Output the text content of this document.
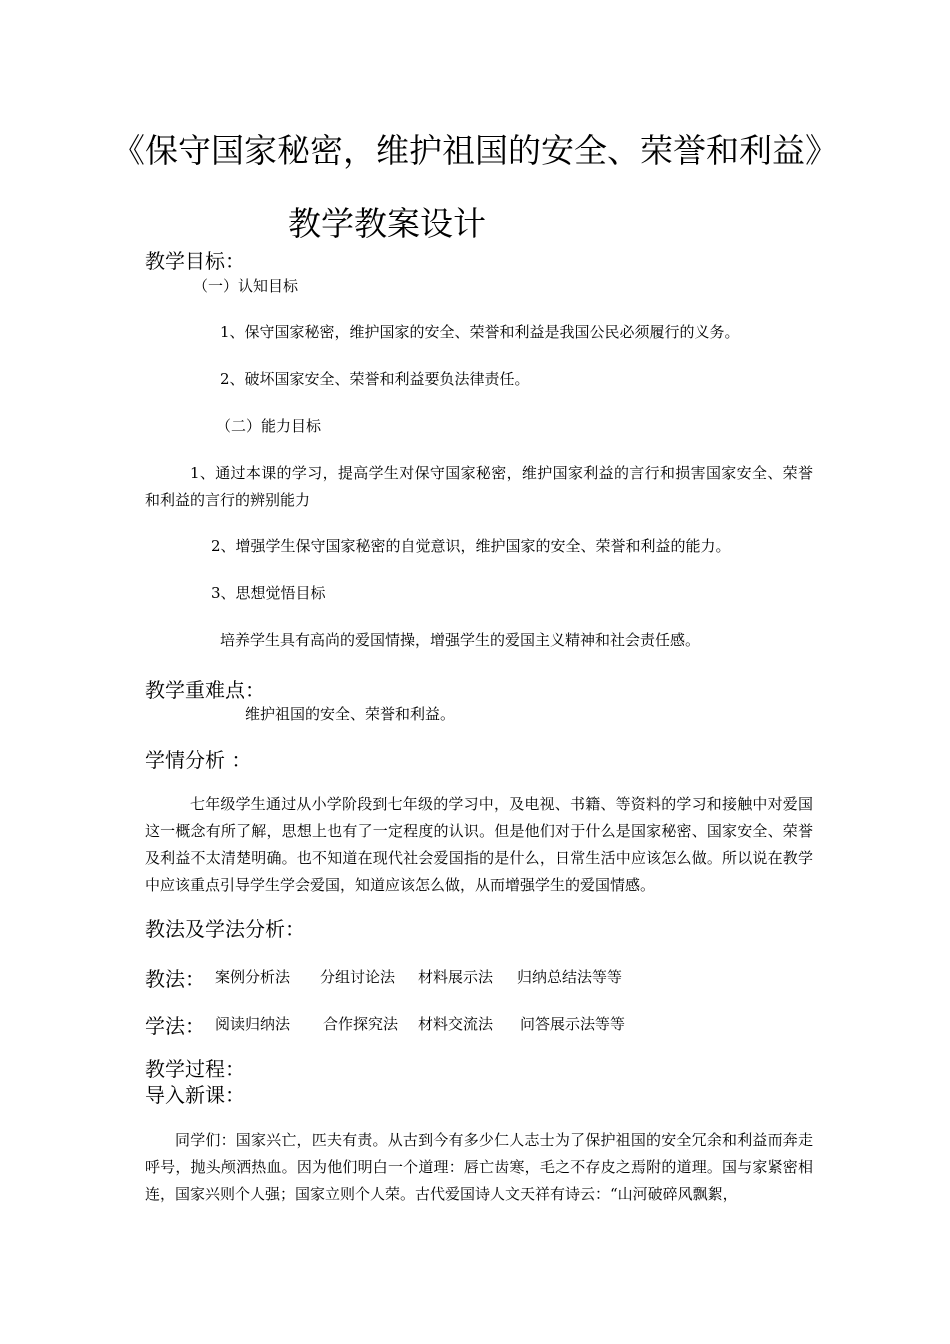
《保守国家秘密，维护祖国的安全、荣誉和利益》
教学教案设计
教学目标：
（一）认知目标
1、保守国家秘密，维护国家的安全、荣誉和利益是我国公民必须履行的义务。
2、破坏国家安全、荣誉和利益要负法律责任。
（二）能力目标
1、通过本课的学习，提高学生对保守国家秘密，维护国家利益的言行和损害国家安全、荣誉和利益的言行的辨别能力
2、增强学生保守国家秘密的自觉意识，维护国家的安全、荣誉和利益的能力。
3、思想觉悟目标
培养学生具有高尚的爱国情操，增强学生的爱国主义精神和社会责任感。
教学重难点：
维护祖国的安全、荣誉和利益。
学情分析 ：
七年级学生通过从小学阶段到七年级的学习中，及电视、书籍、等资料的学习和接触中对爱国这一概念有所了解，思想上也有了一定程度的认识。但是他们对于什么是国家秘密、国家安全、荣誉及利益不太清楚明确。也不知道在现代社会爱国指的是什么，日常生活中应该怎么做。所以说在教学中应该重点引导学生学会爱国，知道应该怎么做，从而增强学生的爱国情感。
教法及学法分析：
教法： 案例分析法 分组讨论法 材料展示法 归纳总结法等等
学法： 阅读归纳法 合作探究法 材料交流法 问答展示法等等
教学过程：
导入新课：
同学们：国家兴亡，匹夫有责。从古到今有多少仁人志士为了保护祖国的安全冗余和利益而奔走呼号，抛头颅洒热血。因为他们明白一个道理：唇亡齿寒，毛之不存皮之焉附的道理。国与家紧密相连，国家兴则个人强；国家立则个人荣。古代爱国诗人文天祥有诗云：“山河破碎风飘絮，
